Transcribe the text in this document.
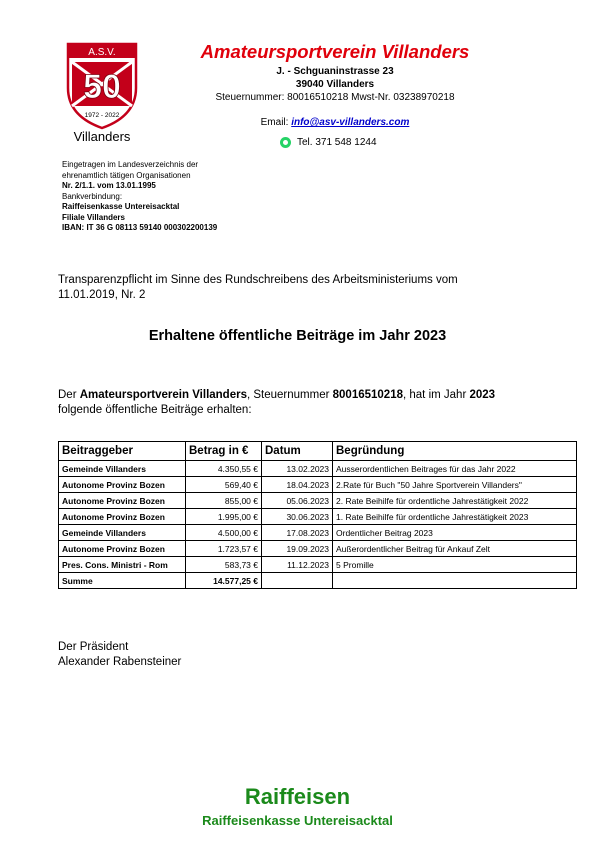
A.S.V.
50
1972 - 2022
Villanders
Amateursportverein Villanders
J. - Schguaninstrasse 23
39040 Villanders
Steuernummer: 80016510218 Mwst-Nr. 03238970218
Email: info@asv-villanders.com
Tel. 371 548 1244
Eingetragen im Landesverzeichnis der
ehrenamtlich tätigen Organisationen
Nr. 2/1.1. vom 13.01.1995
Bankverbindung:
Raiffeisenkasse Untereisacktal
Filiale Villanders
IBAN: IT 36 G 08113 59140 000302200139
Transparenzpflicht im Sinne des Rundschreibens des Arbeitsministeriums vom
11.01.2019, Nr. 2
Erhaltene öffentliche Beiträge im Jahr 2023
Der Amateursportverein Villanders, Steuernummer 80016510218, hat im Jahr 2023
folgende öffentliche Beiträge erhalten:
Beitraggeber	Betrag in €	Datum	Begründung
Gemeinde Villanders	4.350,55 €	13.02.2023	Ausserordentlichen Beitrages für das Jahr 2022
Autonome Provinz Bozen	569,40 €	18.04.2023	2.Rate für Buch "50 Jahre Sportverein Villanders"
Autonome Provinz Bozen	855,00 €	05.06.2023	2. Rate Beihilfe für ordentliche Jahrestätigkeit 2022
Autonome Provinz Bozen	1.995,00 €	30.06.2023	1. Rate Beihilfe für ordentliche Jahrestätigkeit 2023
Gemeinde Villanders	4.500,00 €	17.08.2023	Ordentlicher Beitrag 2023
Autonome Provinz Bozen	1.723,57 €	19.09.2023	Außerordentlicher Beitrag für Ankauf Zelt
Pres. Cons. Ministri - Rom	583,73 €	11.12.2023	5 Promille
Summe	14.577,25 €		
Der Präsident
Alexander Rabensteiner
Raiffeisen
Raiffeisenkasse Untereisacktal
